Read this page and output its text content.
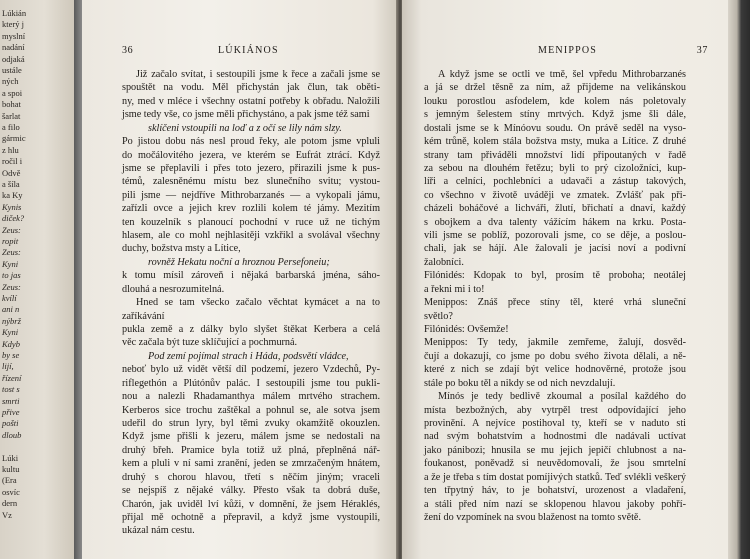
Lúkián
který j
myslní
nadání
odjaká
ustále
ných
a spoi
bohat
šarlat
a filo
gármic
z hlu
ročil i
Odvě
a šíla
ka Ky
Kynis
diček?
Zeus:
ropit
Zeus:
Kyni
to jas
Zeus:
kvílí
ani n
nýbrž
Kyni
Kdyb
by se
lijí,
řízení
tost s
smrti
přive
pošti
dloub
Lúki
kultu
(Era
osvíc
dern
Vz
36	LÚKIÁNOS

Již začalo svítat, i sestoupili jsme k řece a začali jsme se
spouštět na vodu. Měl přichystán jak člun, tak oběti-
ny, med v mléce i všechny ostatní potřeby k obřadu. Naložili
jsme tedy vše, co jsme měli přichystáno, a pak jsme též sami

sklíčeni vstoupili na loď a z očí se lily nám slzy.

Po jistou dobu nás nesl proud řeky, ale potom jsme vpluli
do močálovitého jezera, ve kterém se Eufrát ztrácí. Když
jsme se přeplavili i přes toto jezero, přirazili jsme k pus-
témů, zalesněnému místu bez slunečního svitu; vystou-
pili jsme — nejdříve Mithrobarzanés — a vykopali jámu,
zařízli ovce a jejich krev rozlili kolem té jámy. Mezitím
ten kouzelník s planoucí pochodní v ruce už ne tichým
hlasem, ale co mohl nejhlasitěji vzkřikl a svolával všechny
duchy, božstva msty a Lítice,

rovněž Hekatu noční a hroznou Persefoneiu;

k tomu mísil zároveň i nějaká barbarská jména, sáho-
dlouhá a nesrozumitelná.

Hned se tam všecko začalo věchtat kymácet a na to zaříkávání
pukla země a z dálky bylo slyšet štěkat Kerbera a celá
věc začala být tuze sklíčující a pochmurná.

Pod zemí pojímal strach i Háda, podsvětí vládce,

neboť bylo už vidět větší díl podzemí, jezero Vzdechů, Py-
riflegethón a Plútónův palác. I sestoupili jsme tou pukli-
nou a nalezli Rhadamanthya málem mrtvého strachem.
Kerberos sice trochu zaštěkal a pohnul se, ale sotva jsem
udeřil do strun lyry, byl těmi zvuky okamžitě okouzlen.
Když jsme přišli k jezeru, málem jsme se nedostali na
druhý břeh. Pramice byla totiž už plná, přeplněná nář-
kem a pluli v ní sami zranění, jeden se zmrzačeným hnátem,
druhý s chorou hlavou, třetí s něčím jiným; vraceli
se nejspíš z nějaké války. Přesto však ta dobrá duše,
Charón, jak uviděl lví kůži, v domnění, že jsem Héraklés,
přijal mě ochotně a přepravil, a když jsme vystoupili,
ukázal nám cestu.

MENIPPOS	37

A když jsme se octli ve tmě, šel vpředu Mithrobarzanés
a já se držel těsně za ním, až přijdeme na velikánskou
louku porostlou asfodelem, kde kolem nás poletovaly
s jemným šelestem stíny mrtvých. Když jsme šli dále,
dostali jsme se k Mínóovu soudu. On právě seděl na vyso-
kém trůně, kolem stála božstva msty, muka a Lítice. Z druhé
strany tam přiváděli množství lidí připoutaných v řadě
za sebou na dlouhém řetězu; byli to prý cizoložníci, kup-
líři a celníci, pochlebníci a udavači a zástup takových,
co všechno v životě uváději ve zmatek. Zvlášť pak při-
cházeli boháčové a lichváři, žlutí, břichatí a dnaví, každý
s obojkem a dva talenty vážícím hákem na krku. Posta-
vili jsme se poblíž, pozorovali jsme, co se děje, a poslou-
chali, jak se hájí. Ale žalovali je jacísi noví a podivní
žalobníci.

Filónidés: Kdopak to byl, prosím tě proboha; neotálej
a řekni mi i to!

Menippos: Znáš přece stíny těl, které vrhá sluneční
světlo?

Filónidés: Ovšemže!

Menippos: Ty tedy, jakmile zemřeme, žalují, dosvěd-
čují a dokazují, co jsme po dobu svého života dělali, a ně-
které z nich se zdají být velice hodnověrné, protože jsou
stále po boku těl a nikdy se od nich nevzdalují.

Mínós je tedy bedlivě zkoumal a posílal každého do
místa bezbožných, aby vytrpěl trest odpovídající jeho
provinění. A nejvíce postihoval ty, kteří se v naduto sti
nad svým bohatstvím a hodnostmi dle nadávali uctívat
jako pánibozi; hnusila se mu jejich jepičí chlubnost a na-
foukanost, poněvadž si neuvědomovali, že jsou smrtelní
a že je třeba s tím dostat pomíjivých statků. Teď svlékli veškerý
ten třpytný háv, to je bohatství, urozenost a vladaření,
a stáli před ním nazí se sklopenou hlavou jakoby pohří-
žení do vzpomínek na svou blaženost na tomto světě.
